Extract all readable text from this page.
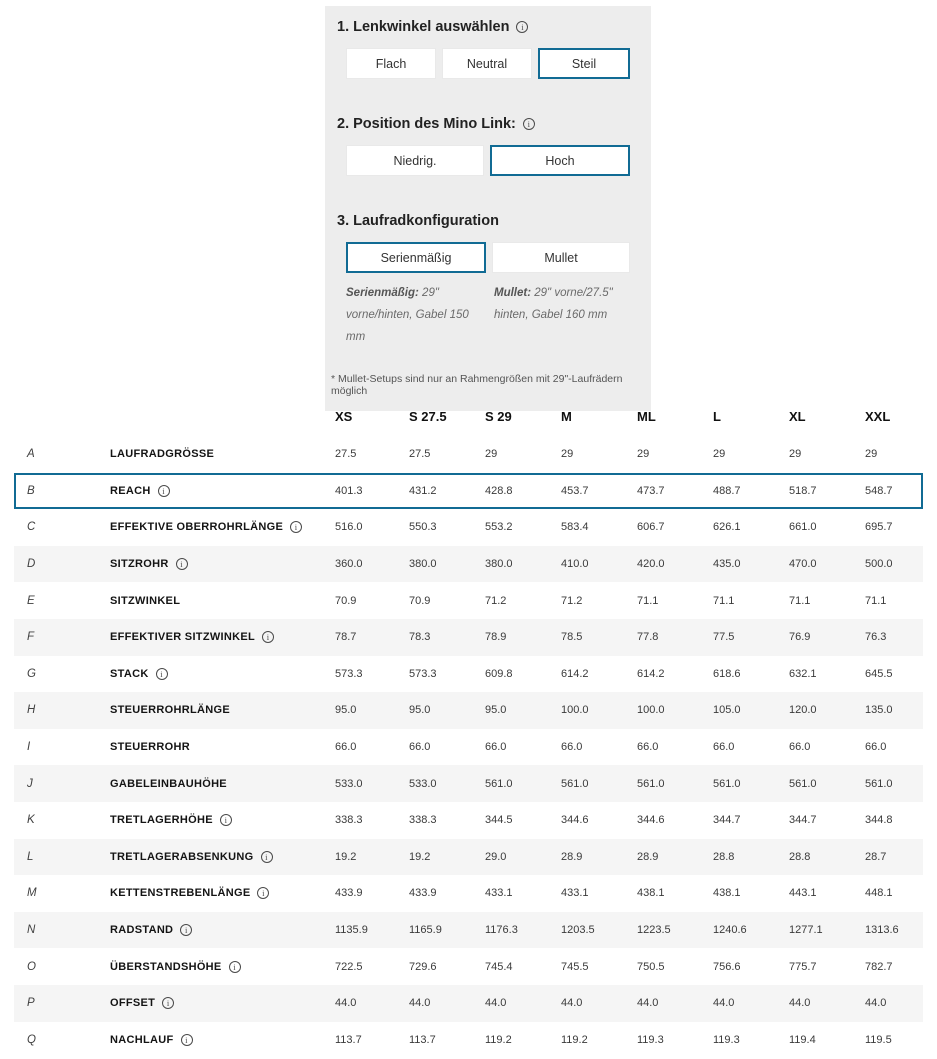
1. Lenkwinkel auswählen	i
Flach	Neutral	Steil
2. Position des Mino Link:	i
Niedrig.	Hoch
3. Laufradkonfiguration
Serienmäßig	Mullet
Serienmäßig: 29" vorne/hinten, Gabel 150 mm
Mullet: 29" vorne/27.5" hinten, Gabel 160 mm
* Mullet-Setups sind nur an Rahmengrößen mit 29"-Laufrädern möglich
XS	S 27.5	S 29	M	ML	L	XL	XXL
A	LAUFRADGRÖSSE	27.5	27.5	29	29	29	29	29	29
B	REACH	i	401.3	431.2	428.8	453.7	473.7	488.7	518.7	548.7
C	EFFEKTIVE OBERROHRLÄNGE	i	516.0	550.3	553.2	583.4	606.7	626.1	661.0	695.7
D	SITZROHR	i	360.0	380.0	380.0	410.0	420.0	435.0	470.0	500.0
E	SITZWINKEL	70.9	70.9	71.2	71.2	71.1	71.1	71.1	71.1
F	EFFEKTIVER SITZWINKEL	i	78.7	78.3	78.9	78.5	77.8	77.5	76.9	76.3
G	STACK	i	573.3	573.3	609.8	614.2	614.2	618.6	632.1	645.5
H	STEUERROHRLÄNGE	95.0	95.0	95.0	100.0	100.0	105.0	120.0	135.0
I	STEUERROHR	66.0	66.0	66.0	66.0	66.0	66.0	66.0	66.0
J	GABELEINBAUHÖHE	533.0	533.0	561.0	561.0	561.0	561.0	561.0	561.0
K	TRETLAGERHÖHE	i	338.3	338.3	344.5	344.6	344.6	344.7	344.7	344.8
L	TRETLAGERABSENKUNG	i	19.2	19.2	29.0	28.9	28.9	28.8	28.8	28.7
M	KETTENSTREBENLÄNGE	i	433.9	433.9	433.1	433.1	438.1	438.1	443.1	448.1
N	RADSTAND	i	1135.9	1165.9	1176.3	1203.5	1223.5	1240.6	1277.1	1313.6
O	ÜBERSTANDSHÖHE	i	722.5	729.6	745.4	745.5	750.5	756.6	775.7	782.7
P	OFFSET	i	44.0	44.0	44.0	44.0	44.0	44.0	44.0	44.0
Q	NACHLAUF	i	113.7	113.7	119.2	119.2	119.3	119.3	119.4	119.5
